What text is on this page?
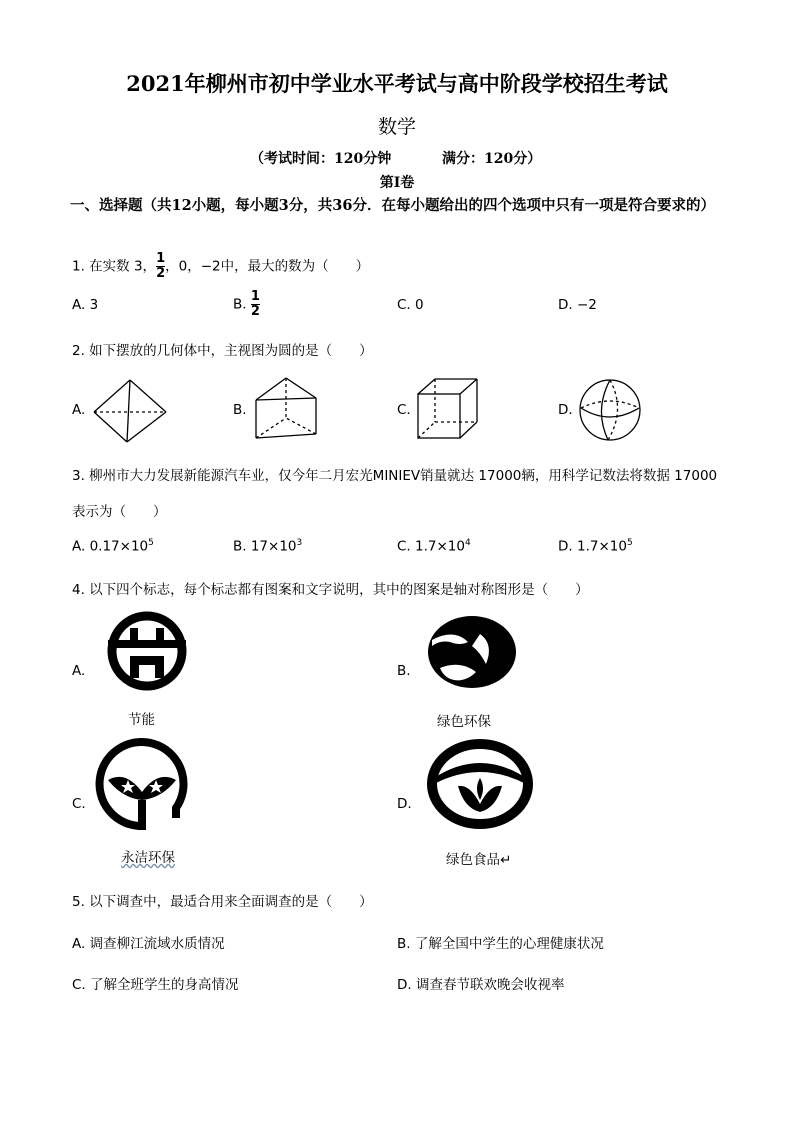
2021年柳州市初中学业水平考试与高中阶段学校招生考试
数学
（考试时间：120分钟	满分：120分）
第Ⅰ卷
一、选择题（共12小题，每小题3分，共36分．在每小题给出的四个选项中只有一项是符合要求的）
1. 在实数 3， $\frac{1}{2}$ ，0，−2中，最大的数为（　　）
A. 3	B. $\frac{1}{2}$	C. 0	D. −2
2. 如下摆放的几何体中，主视图为圆的是（　　）
A.	B.	C.	D.
3. 柳州市大力发展新能源汽车业，仅今年二月宏光MINIEV销量就达 17000辆，用科学记数法将数据 17000
表示为（　　）
A. $0.17\times 10^5$	B. $17\times 10^3$	C. $1.7\times 10^4$	D. $1.7\times 10^5$
4. 以下四个标志，每个标志都有图案和文字说明，其中的图案是轴对称图形是（　　）
A.
节能
B.
绿色环保
C.
永洁环保
D.
绿色食品↵
5. 以下调查中，最适合用来全面调查的是（　　）
A. 调查柳江流域水质情况	B. 了解全国中学生的心理健康状况
C. 了解全班学生的身高情况	D. 调查春节联欢晚会收视率
